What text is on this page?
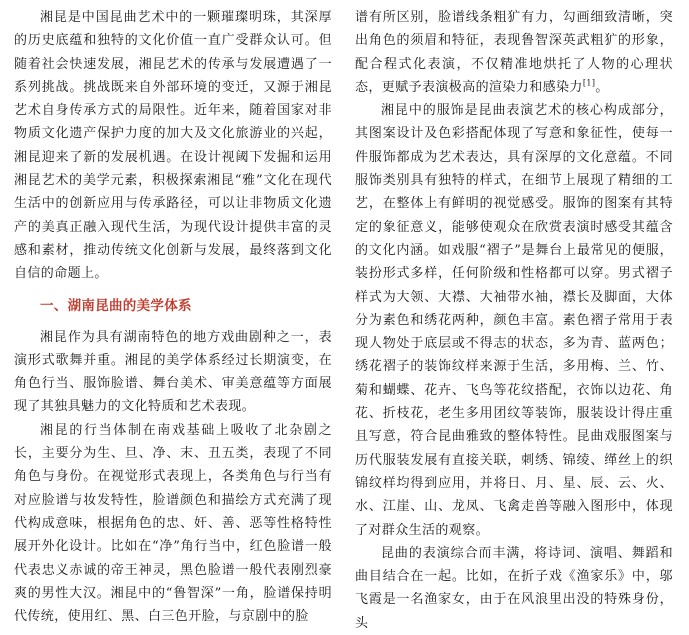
湘昆是中国昆曲艺术中的一颗璀璨明珠，其深厚的历史底蕴和独特的文化价值一直广受群众认可。但随着社会快速发展，湘昆艺术的传承与发展遭遇了一系列挑战。挑战既来自外部环境的变迁，又源于湘昆艺术自身传承方式的局限性。近年来，随着国家对非物质文化遗产保护力度的加大及文化旅游业的兴起，湘昆迎来了新的发展机遇。在设计视阈下发掘和运用湘昆艺术的美学元素，积极探索湘昆“雅”文化在现代生活中的创新应用与传承路径，可以让非物质文化遗产的美真正融入现代生活，为现代设计提供丰富的灵感和素材，推动传统文化创新与发展，最终落到文化自信的命题上。

一、湖南昆曲的美学体系

湘昆作为具有湖南特色的地方戏曲剧种之一，表演形式歌舞并重。湘昆的美学体系经过长期演变，在角色行当、服饰脸谱、舞台美术、审美意蕴等方面展现了其独具魅力的文化特质和艺术表现。

湘昆的行当体制在南戏基础上吸收了北杂剧之长，主要分为生、旦、净、末、丑五类，表现了不同角色与身份。在视觉形式表现上，各类角色与行当有对应脸谱与妆发特性，脸谱颜色和描绘方式充满了现代构成意味，根据角色的忠、奸、善、恶等性格特性展开外化设计。比如在“净”角行当中，红色脸谱一般代表忠义赤诚的帝王神灵，黑色脸谱一般代表刚烈豪爽的男性大汉。湘昆中的“鲁智深”一角，脸谱保持明代传统，使用红、黑、白三色开脸，与京剧中的脸

谱有所区别，脸谱线条粗犷有力，勾画细致清晰，突出角色的须眉和特征，表现鲁智深英武粗犷的形象，配合程式化表演，不仅精准地烘托了人物的心理状态，更赋予表演极高的渲染力和感染力[1]。

湘昆中的服饰是昆曲表演艺术的核心构成部分，其图案设计及色彩搭配体现了写意和象征性，使每一件服饰都成为艺术表达，具有深厚的文化意蕴。不同服饰类别具有独特的样式，在细节上展现了精细的工艺，在整体上有鲜明的视觉感受。服饰的图案有其特定的象征意义，能够使观众在欣赏表演时感受其蕴含的文化内涵。如戏服“褶子”是舞台上最常见的便服，装扮形式多样，任何阶级和性格都可以穿。男式褶子样式为大领、大襟、大袖带水袖，襟长及脚面，大体分为素色和绣花两种，颜色丰富。素色褶子常用于表现人物处于底层或不得志的状态，多为青、蓝两色；绣花褶子的装饰纹样来源于生活，多用梅、兰、竹、菊和蝴蝶、花卉、飞鸟等花纹搭配，衣饰以边花、角花、折枝花，老生多用团纹等装饰，服装设计得庄重且写意，符合昆曲雅致的整体特性。昆曲戏服图案与历代服装发展有直接关联，刺绣、锦绫、缂丝上的织锦纹样均得到应用，并将日、月、星、辰、云、火、水、江崖、山、龙凤、飞禽走兽等融入图形中，体现了对群众生活的观察。

昆曲的表演综合而丰满，将诗词、演唱、舞蹈和曲目结合在一起。比如，在折子戏《渔家乐》中，邬飞霞是一名渔家女，由于在风浪里出没的特殊身份，头
